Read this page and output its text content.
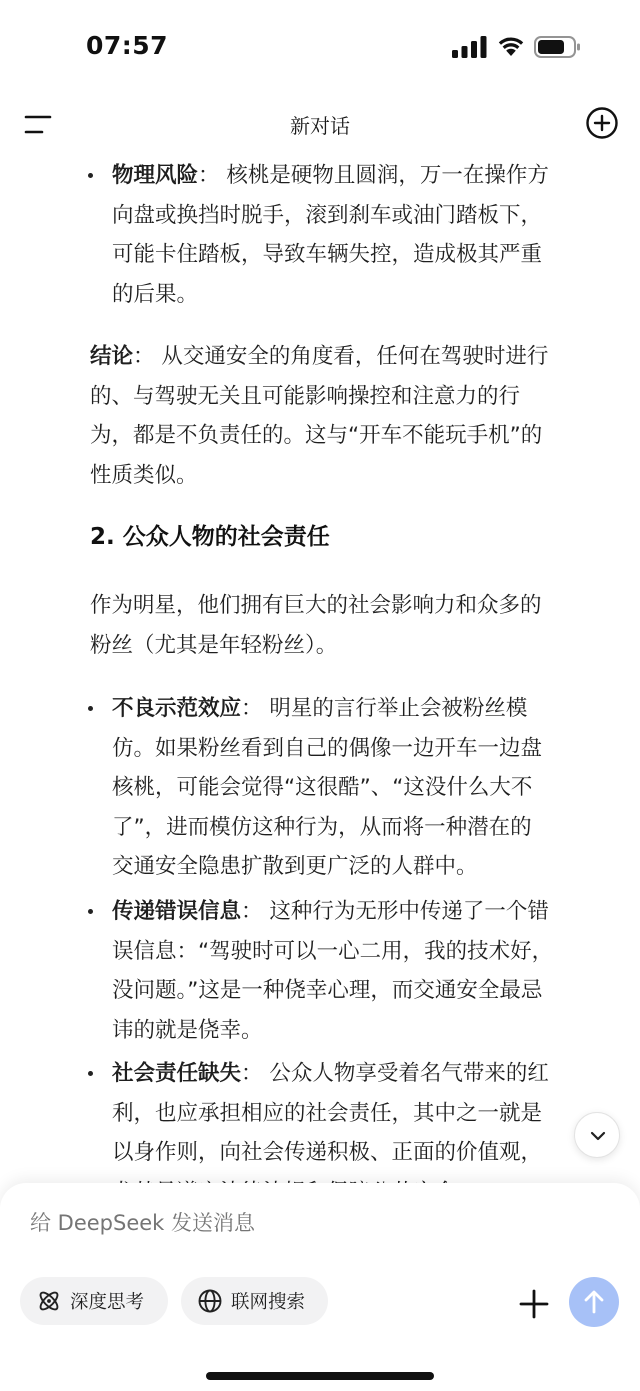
07:57
新对话
物理风险： 核桃是硬物且圆润，万一在操作方
向盘或换挡时脱手，滚到刹车或油门踏板下，
可能卡住踏板，导致车辆失控，造成极其严重
的后果。
结论： 从交通安全的角度看，任何在驾驶时进行
的、与驾驶无关且可能影响操控和注意力的行
为，都是不负责任的。这与“开车不能玩手机”的
性质类似。
2. 公众人物的社会责任
作为明星，他们拥有巨大的社会影响力和众多的
粉丝（尤其是年轻粉丝）。
不良示范效应： 明星的言行举止会被粉丝模
仿。如果粉丝看到自己的偶像一边开车一边盘
核桃，可能会觉得“这很酷”、“这没什么大不
了”，进而模仿这种行为，从而将一种潜在的
交通安全隐患扩散到更广泛的人群中。
传递错误信息： 这种行为无形中传递了一个错
误信息：“驾驶时可以一心二用，我的技术好，
没问题。”这是一种侥幸心理，而交通安全最忌
讳的就是侥幸。
社会责任缺失： 公众人物享受着名气带来的红
利，也应承担相应的社会责任，其中之一就是
以身作则，向社会传递积极、正面的价值观，
给 DeepSeek 发送消息
深度思考	联网搜索
